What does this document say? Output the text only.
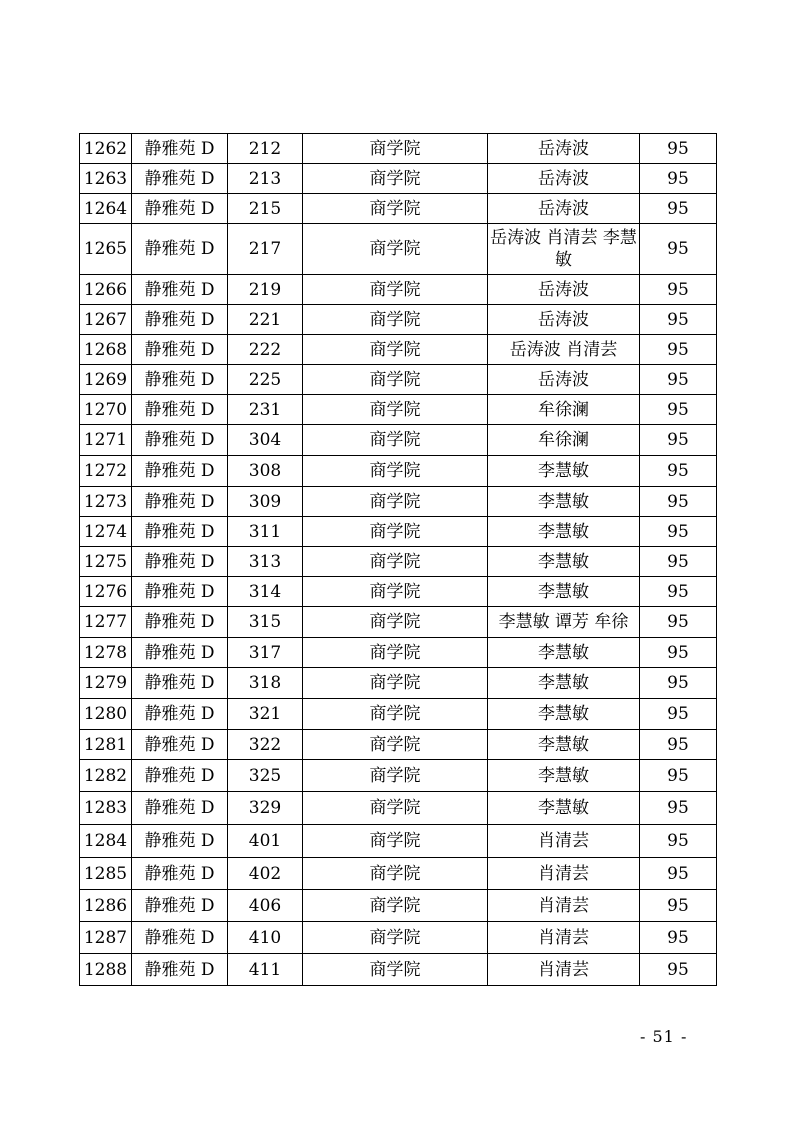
1262	静雅苑 D	212	商学院	岳涛波	95
1263	静雅苑 D	213	商学院	岳涛波	95
1264	静雅苑 D	215	商学院	岳涛波	95
1265	静雅苑 D	217	商学院	岳涛波 肖清芸 李慧敏	95
1266	静雅苑 D	219	商学院	岳涛波	95
1267	静雅苑 D	221	商学院	岳涛波	95
1268	静雅苑 D	222	商学院	岳涛波 肖清芸	95
1269	静雅苑 D	225	商学院	岳涛波	95
1270	静雅苑 D	231	商学院	牟徐澜	95
1271	静雅苑 D	304	商学院	牟徐澜	95
1272	静雅苑 D	308	商学院	李慧敏	95
1273	静雅苑 D	309	商学院	李慧敏	95
1274	静雅苑 D	311	商学院	李慧敏	95
1275	静雅苑 D	313	商学院	李慧敏	95
1276	静雅苑 D	314	商学院	李慧敏	95
1277	静雅苑 D	315	商学院	李慧敏 谭芳 牟徐	95
1278	静雅苑 D	317	商学院	李慧敏	95
1279	静雅苑 D	318	商学院	李慧敏	95
1280	静雅苑 D	321	商学院	李慧敏	95
1281	静雅苑 D	322	商学院	李慧敏	95
1282	静雅苑 D	325	商学院	李慧敏	95
1283	静雅苑 D	329	商学院	李慧敏	95
1284	静雅苑 D	401	商学院	肖清芸	95
1285	静雅苑 D	402	商学院	肖清芸	95
1286	静雅苑 D	406	商学院	肖清芸	95
1287	静雅苑 D	410	商学院	肖清芸	95
1288	静雅苑 D	411	商学院	肖清芸	95
- 51 -
